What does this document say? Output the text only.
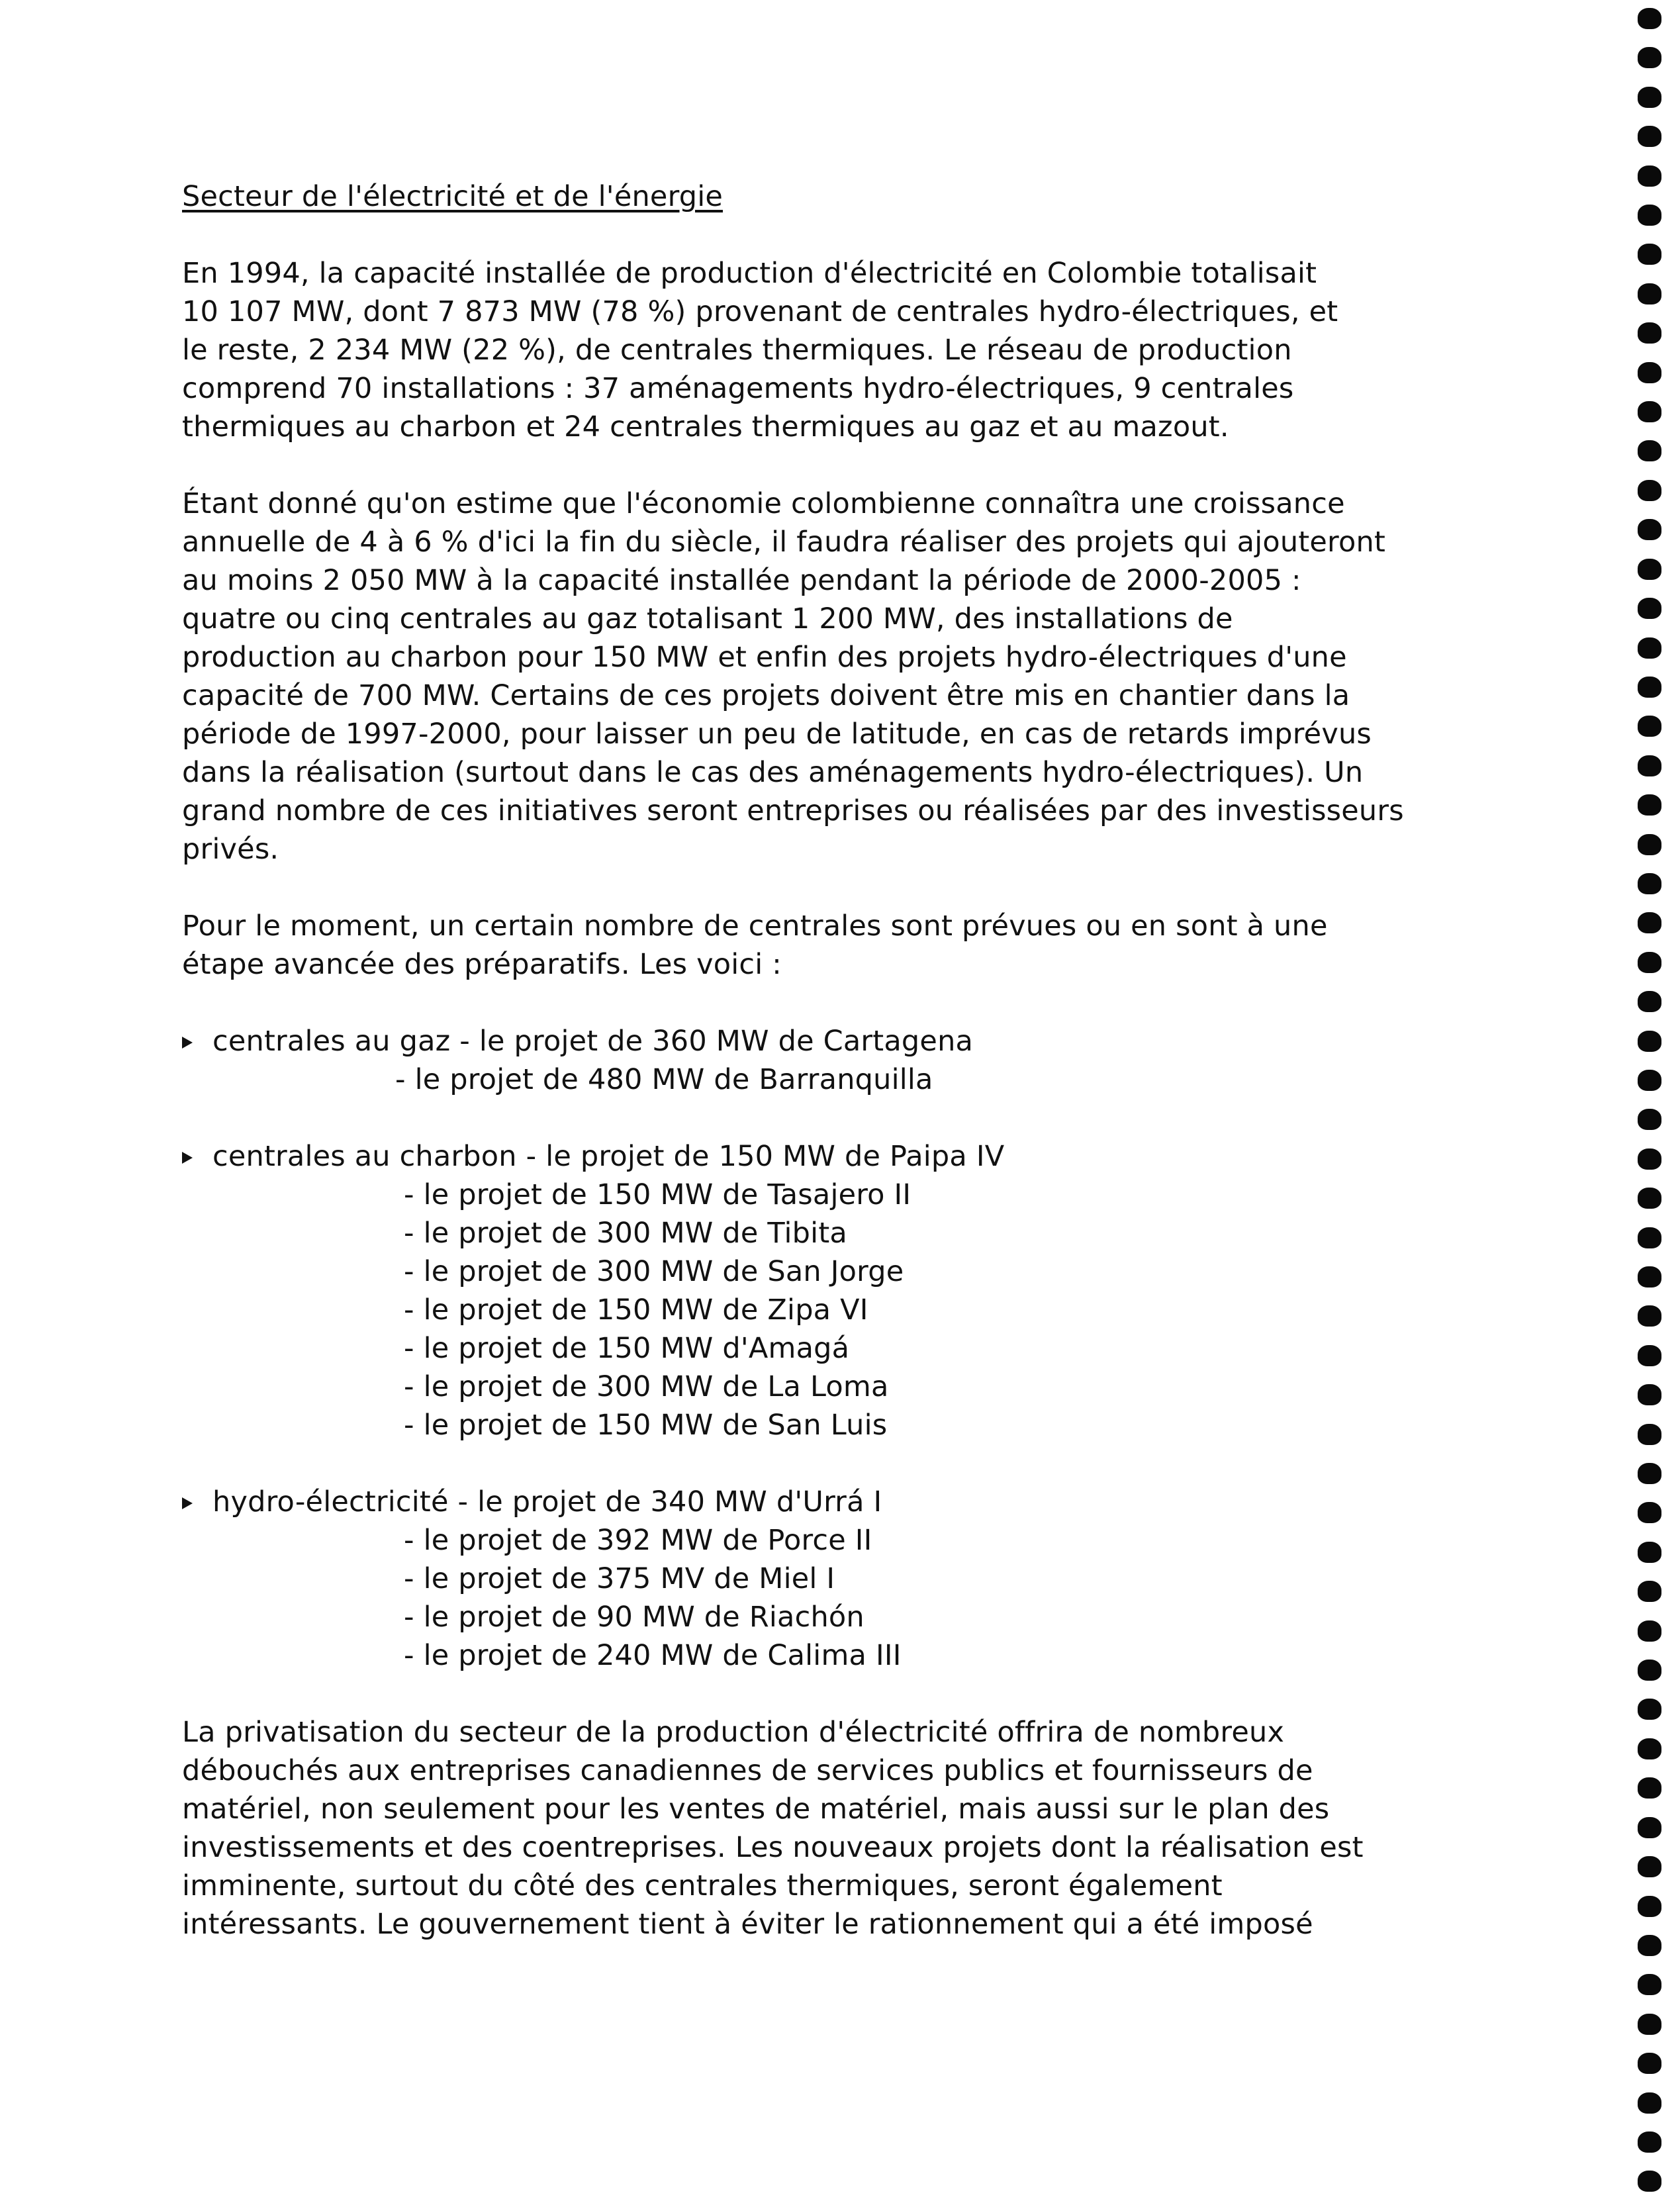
Secteur de l'électricité et de l'énergie
En 1994, la capacité installée de production d'électricité en Colombie totalisait
10 107 MW, dont 7 873 MW (78 %) provenant de centrales hydro-électriques, et
le reste, 2 234 MW (22 %), de centrales thermiques. Le réseau de production
comprend 70 installations : 37 aménagements hydro-électriques, 9 centrales
thermiques au charbon et 24 centrales thermiques au gaz et au mazout.
Étant donné qu'on estime que l'économie colombienne connaîtra une croissance
annuelle de 4 à 6 % d'ici la fin du siècle, il faudra réaliser des projets qui ajouteront
au moins 2 050 MW à la capacité installée pendant la période de 2000-2005 :
quatre ou cinq centrales au gaz totalisant 1 200 MW, des installations de
production au charbon pour 150 MW et enfin des projets hydro-électriques d'une
capacité de 700 MW. Certains de ces projets doivent être mis en chantier dans la
période de 1997-2000, pour laisser un peu de latitude, en cas de retards imprévus
dans la réalisation (surtout dans le cas des aménagements hydro-électriques). Un
grand nombre de ces initiatives seront entreprises ou réalisées par des investisseurs
privés.
Pour le moment, un certain nombre de centrales sont prévues ou en sont à une
étape avancée des préparatifs. Les voici :
centrales au gaz - le projet de 360 MW de Cartagena
- le projet de 480 MW de Barranquilla
centrales au charbon - le projet de 150 MW de Paipa IV
- le projet de 150 MW de Tasajero II
- le projet de 300 MW de Tibita
- le projet de 300 MW de San Jorge
- le projet de 150 MW de Zipa VI
- le projet de 150 MW d'Amagá
- le projet de 300 MW de La Loma
- le projet de 150 MW de San Luis
hydro-électricité - le projet de 340 MW d'Urrá I
- le projet de 392 MW de Porce II
- le projet de 375 MV de Miel I
- le projet de 90 MW de Riachón
- le projet de 240 MW de Calima III
La privatisation du secteur de la production d'électricité offrira de nombreux
débouchés aux entreprises canadiennes de services publics et fournisseurs de
matériel, non seulement pour les ventes de matériel, mais aussi sur le plan des
investissements et des coentreprises. Les nouveaux projets dont la réalisation est
imminente, surtout du côté des centrales thermiques, seront également
intéressants. Le gouvernement tient à éviter le rationnement qui a été imposé
